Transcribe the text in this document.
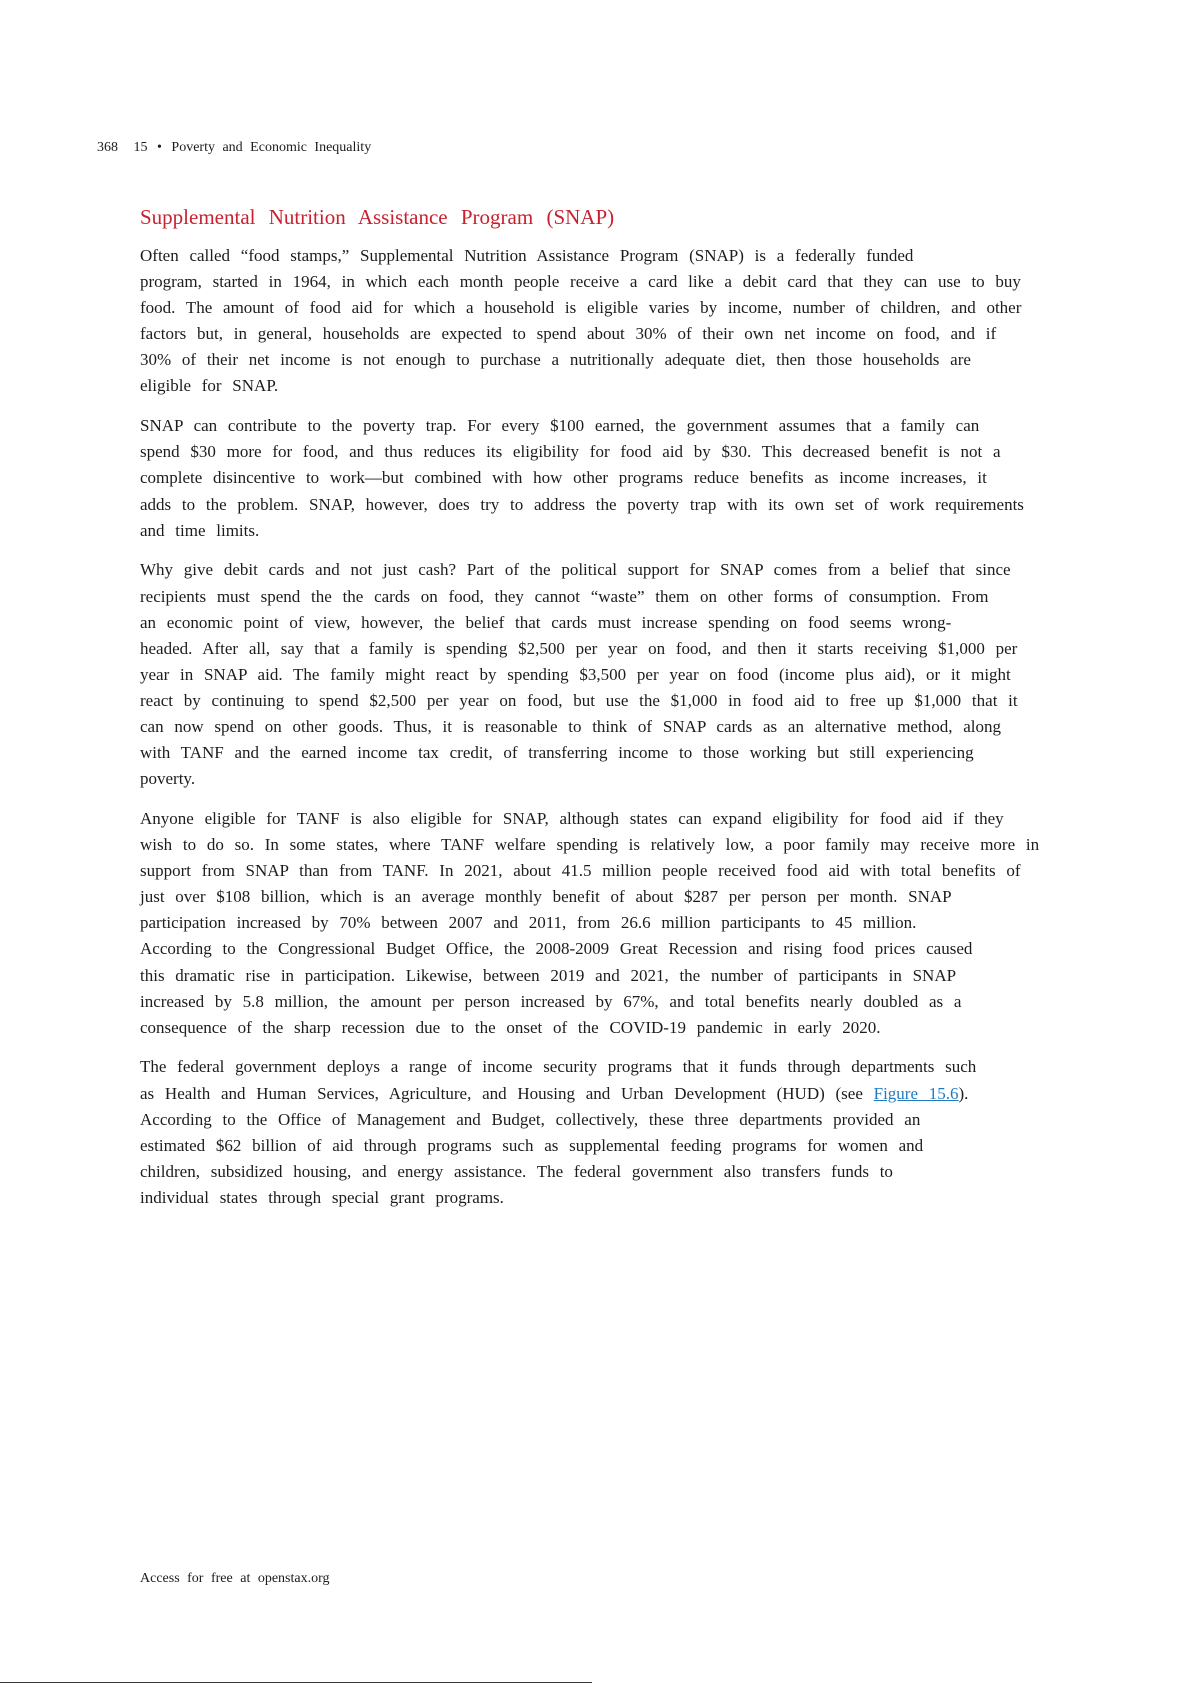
368 15 • Poverty and Economic Inequality
Supplemental Nutrition Assistance Program (SNAP)
Often called “food stamps,” Supplemental Nutrition Assistance Program (SNAP) is a federally funded
program, started in 1964, in which each month people receive a card like a debit card that they can use to buy
food. The amount of food aid for which a household is eligible varies by income, number of children, and other
factors but, in general, households are expected to spend about 30% of their own net income on food, and if
30% of their net income is not enough to purchase a nutritionally adequate diet, then those households are
eligible for SNAP.
SNAP can contribute to the poverty trap. For every $100 earned, the government assumes that a family can
spend $30 more for food, and thus reduces its eligibility for food aid by $30. This decreased benefit is not a
complete disincentive to work—but combined with how other programs reduce benefits as income increases, it
adds to the problem. SNAP, however, does try to address the poverty trap with its own set of work requirements
and time limits.
Why give debit cards and not just cash? Part of the political support for SNAP comes from a belief that since
recipients must spend the the cards on food, they cannot “waste” them on other forms of consumption. From
an economic point of view, however, the belief that cards must increase spending on food seems wrong-
headed. After all, say that a family is spending $2,500 per year on food, and then it starts receiving $1,000 per
year in SNAP aid. The family might react by spending $3,500 per year on food (income plus aid), or it might
react by continuing to spend $2,500 per year on food, but use the $1,000 in food aid to free up $1,000 that it
can now spend on other goods. Thus, it is reasonable to think of SNAP cards as an alternative method, along
with TANF and the earned income tax credit, of transferring income to those working but still experiencing
poverty.
Anyone eligible for TANF is also eligible for SNAP, although states can expand eligibility for food aid if they
wish to do so. In some states, where TANF welfare spending is relatively low, a poor family may receive more in
support from SNAP than from TANF. In 2021, about 41.5 million people received food aid with total benefits of
just over $108 billion, which is an average monthly benefit of about $287 per person per month. SNAP
participation increased by 70% between 2007 and 2011, from 26.6 million participants to 45 million.
According to the Congressional Budget Office, the 2008-2009 Great Recession and rising food prices caused
this dramatic rise in participation. Likewise, between 2019 and 2021, the number of participants in SNAP
increased by 5.8 million, the amount per person increased by 67%, and total benefits nearly doubled as a
consequence of the sharp recession due to the onset of the COVID-19 pandemic in early 2020.
The federal government deploys a range of income security programs that it funds through departments such
as Health and Human Services, Agriculture, and Housing and Urban Development (HUD) (see Figure 15.6).
According to the Office of Management and Budget, collectively, these three departments provided an
estimated $62 billion of aid through programs such as supplemental feeding programs for women and
children, subsidized housing, and energy assistance. The federal government also transfers funds to
individual states through special grant programs.
Access for free at openstax.org
